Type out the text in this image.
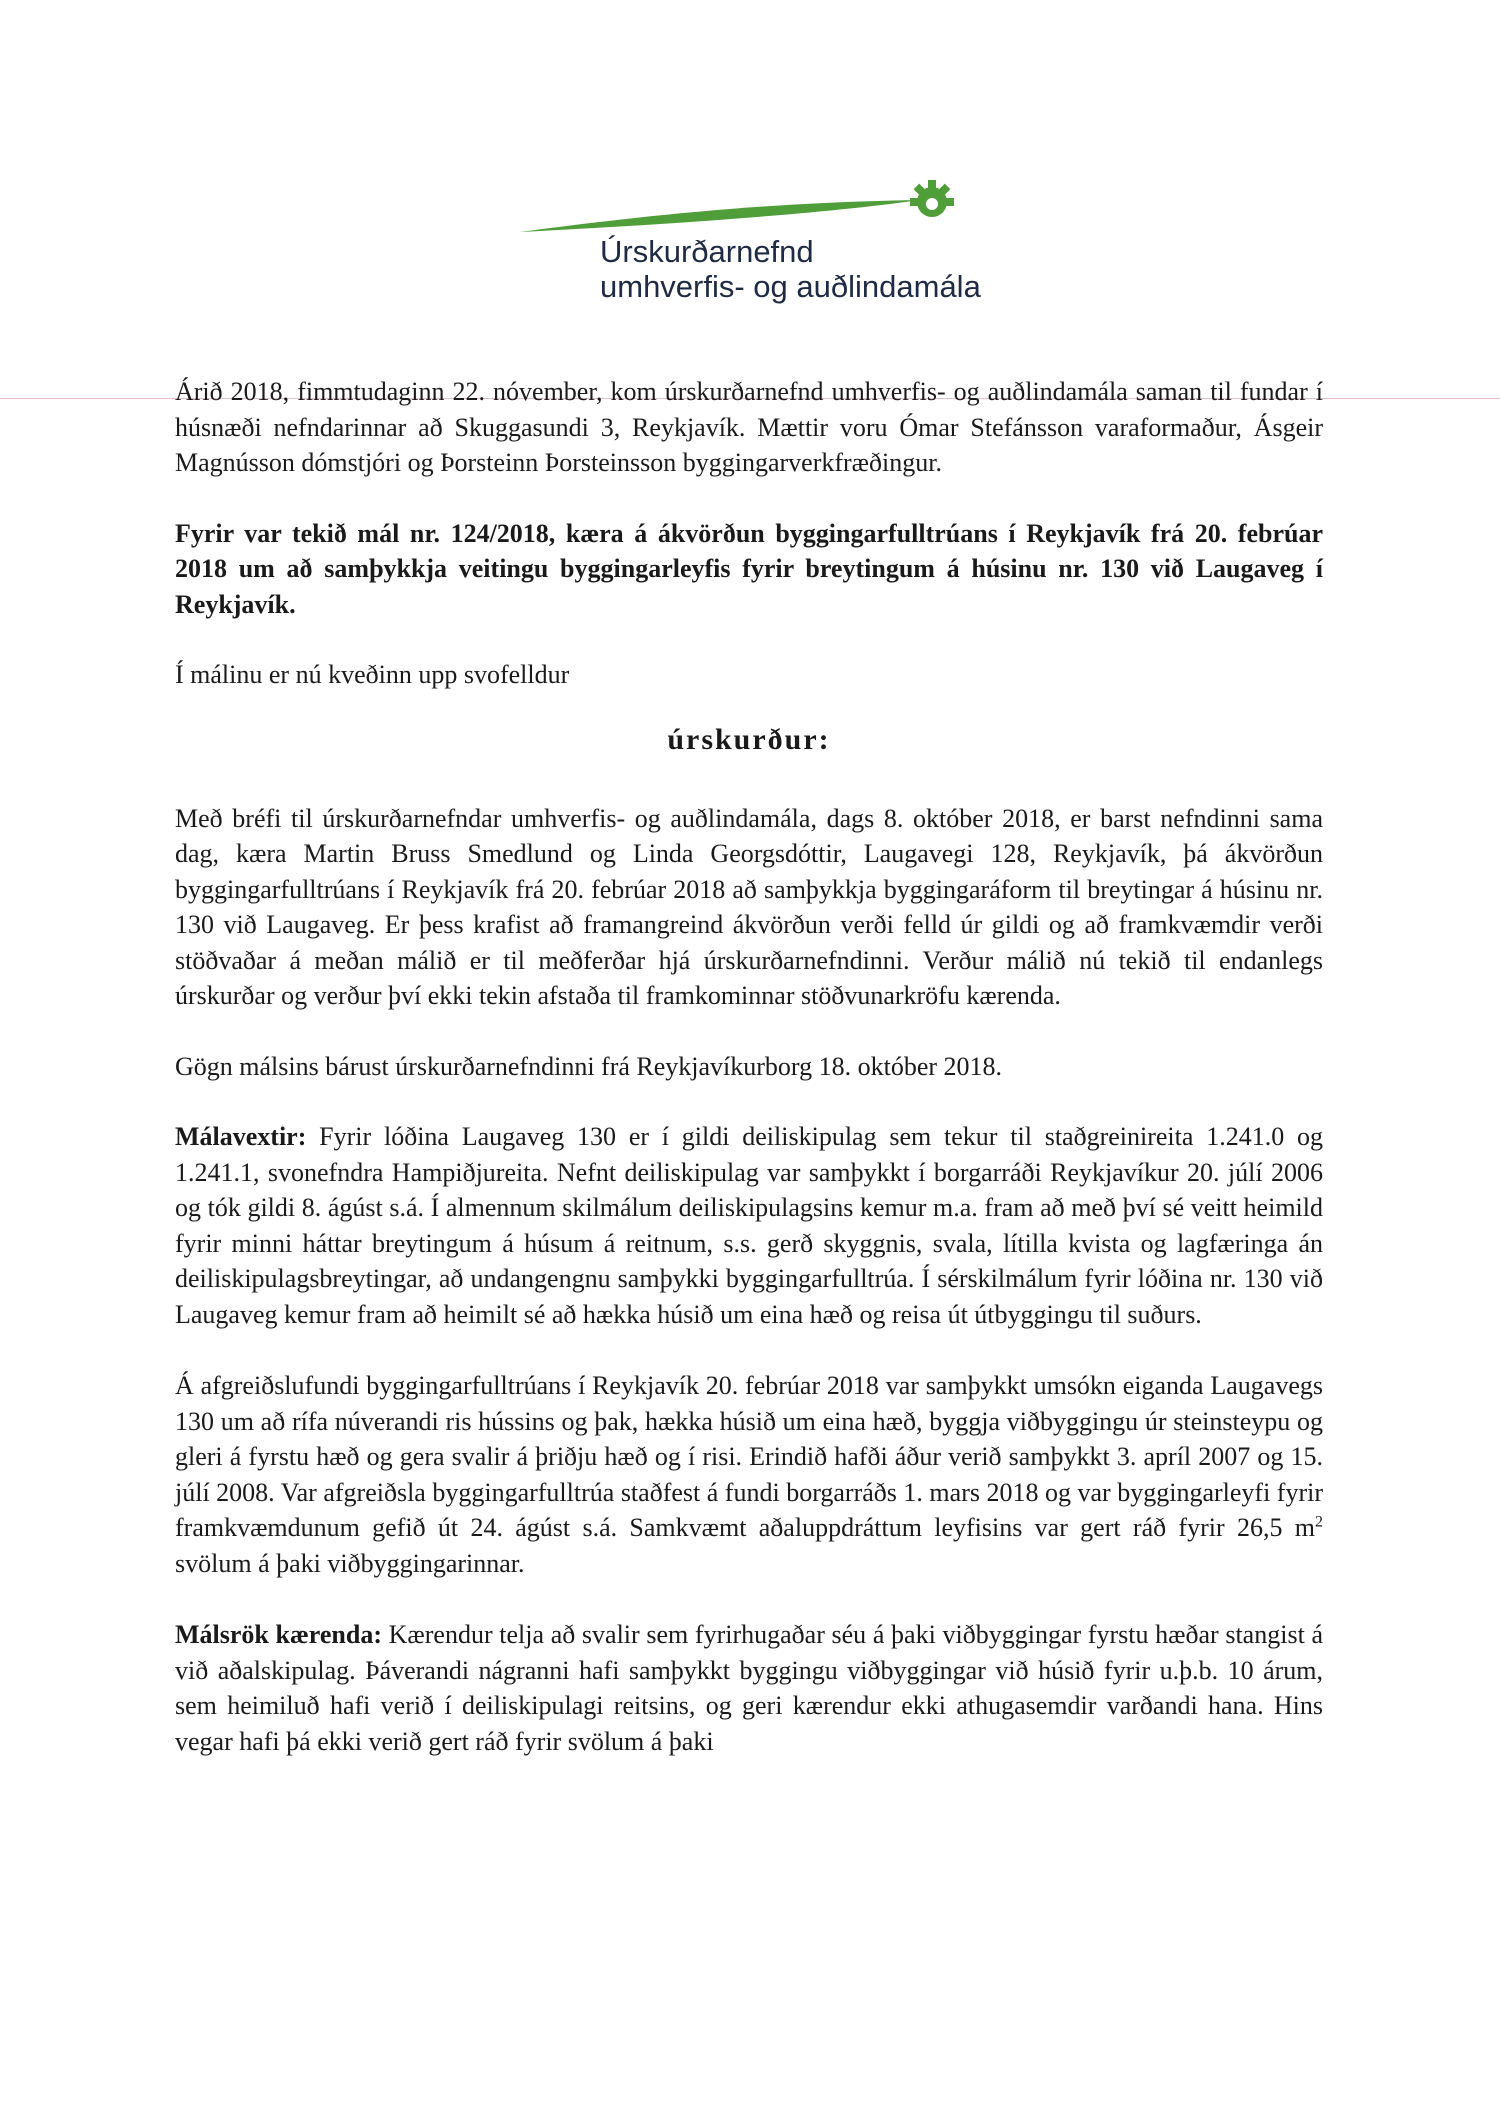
Úrskurðarnefnd
umhverfis- og auðlindamála

Árið 2018, fimmtudaginn 22. nóvember, kom úrskurðarnefnd umhverfis- og auðlindamála saman til fundar í húsnæði nefndarinnar að Skuggasundi 3, Reykjavík. Mættir voru Ómar Stefánsson varaformaður, Ásgeir Magnússon dómstjóri og Þorsteinn Þorsteinsson byggingarverkfræðingur.

Fyrir var tekið mál nr. 124/2018, kæra á ákvörðun byggingarfulltrúans í Reykjavík frá 20. febrúar 2018 um að samþykkja veitingu byggingarleyfis fyrir breytingum á húsinu nr. 130 við Laugaveg í Reykjavík.

Í málinu er nú kveðinn upp svofelldur

úrskurður:

Með bréfi til úrskurðarnefndar umhverfis- og auðlindamála, dags 8. október 2018, er barst nefndinni sama dag, kæra Martin Bruss Smedlund og Linda Georgsdóttir, Laugavegi 128, Reykjavík, þá ákvörðun byggingarfulltrúans í Reykjavík frá 20. febrúar 2018 að samþykkja byggingaráform til breytingar á húsinu nr. 130 við Laugaveg. Er þess krafist að framangreind ákvörðun verði felld úr gildi og að framkvæmdir verði stöðvaðar á meðan málið er til meðferðar hjá úrskurðarnefndinni. Verður málið nú tekið til endanlegs úrskurðar og verður því ekki tekin afstaða til framkominnar stöðvunarkröfu kærenda.

Gögn málsins bárust úrskurðarnefndinni frá Reykjavíkurborg 18. október 2018.

Málavextir: Fyrir lóðina Laugaveg 130 er í gildi deiliskipulag sem tekur til staðgreinireita 1.241.0 og 1.241.1, svonefndra Hampiðjureita. Nefnt deiliskipulag var samþykkt í borgarráði Reykjavíkur 20. júlí 2006 og tók gildi 8. ágúst s.á. Í almennum skilmálum deiliskipulagsins kemur m.a. fram að með því sé veitt heimild fyrir minni háttar breytingum á húsum á reitnum, s.s. gerð skyggnis, svala, lítilla kvista og lagfæringa án deiliskipulagsbreytingar, að undangengnu samþykki byggingarfulltrúa. Í sérskilmálum fyrir lóðina nr. 130 við Laugaveg kemur fram að heimilt sé að hækka húsið um eina hæð og reisa út útbyggingu til suðurs.

Á afgreiðslufundi byggingarfulltrúans í Reykjavík 20. febrúar 2018 var samþykkt umsókn eiganda Laugavegs 130 um að rífa núverandi ris hússins og þak, hækka húsið um eina hæð, byggja viðbyggingu úr steinsteypu og gleri á fyrstu hæð og gera svalir á þriðju hæð og í risi. Erindið hafði áður verið samþykkt 3. apríl 2007 og 15. júlí 2008. Var afgreiðsla byggingarfulltrúa staðfest á fundi borgarráðs 1. mars 2018 og var byggingarleyfi fyrir framkvæmdunum gefið út 24. ágúst s.á. Samkvæmt aðaluppdráttum leyfisins var gert ráð fyrir 26,5 $m^2$ svölum á þaki viðbyggingarinnar.

Málsrök kærenda: Kærendur telja að svalir sem fyrirhugaðar séu á þaki viðbyggingar fyrstu hæðar stangist á við aðalskipulag. Þáverandi nágranni hafi samþykkt byggingu viðbyggingar við húsið fyrir u.þ.b. 10 árum, sem heimiluð hafi verið í deiliskipulagi reitsins, og geri kærendur ekki athugasemdir varðandi hana. Hins vegar hafi þá ekki verið gert ráð fyrir svölum á þaki
